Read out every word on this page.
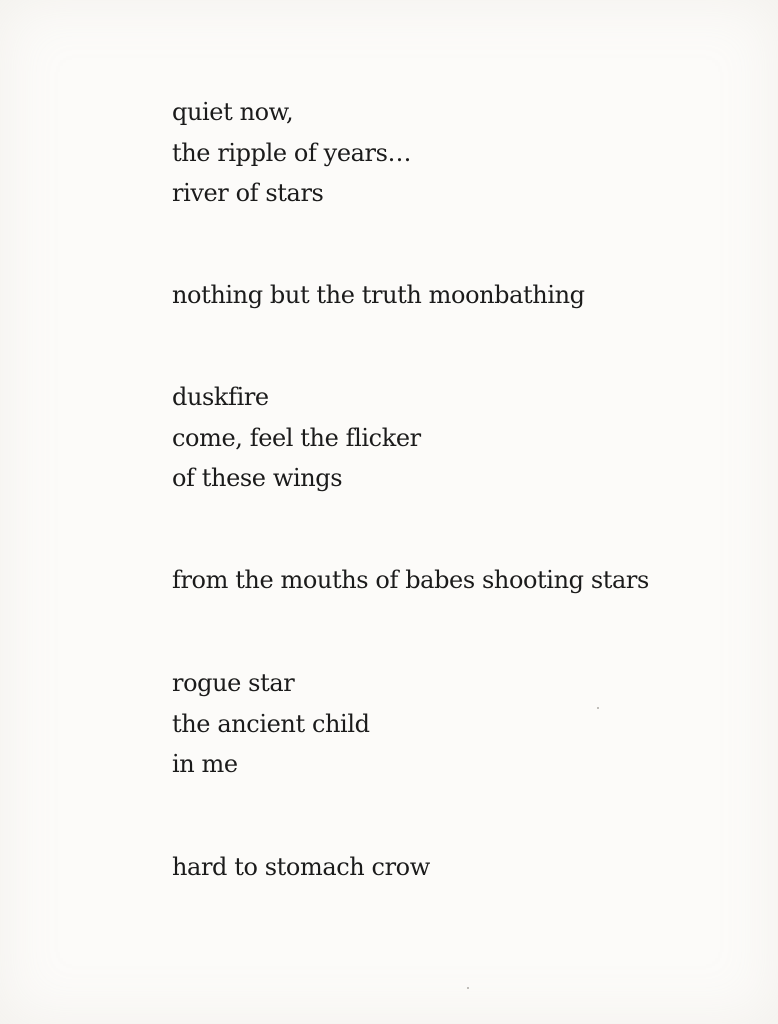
quiet now,
the ripple of years…
river of stars
nothing but the truth moonbathing
duskfire
come, feel the flicker
of these wings
from the mouths of babes shooting stars
rogue star
the ancient child
in me
hard to stomach crow
